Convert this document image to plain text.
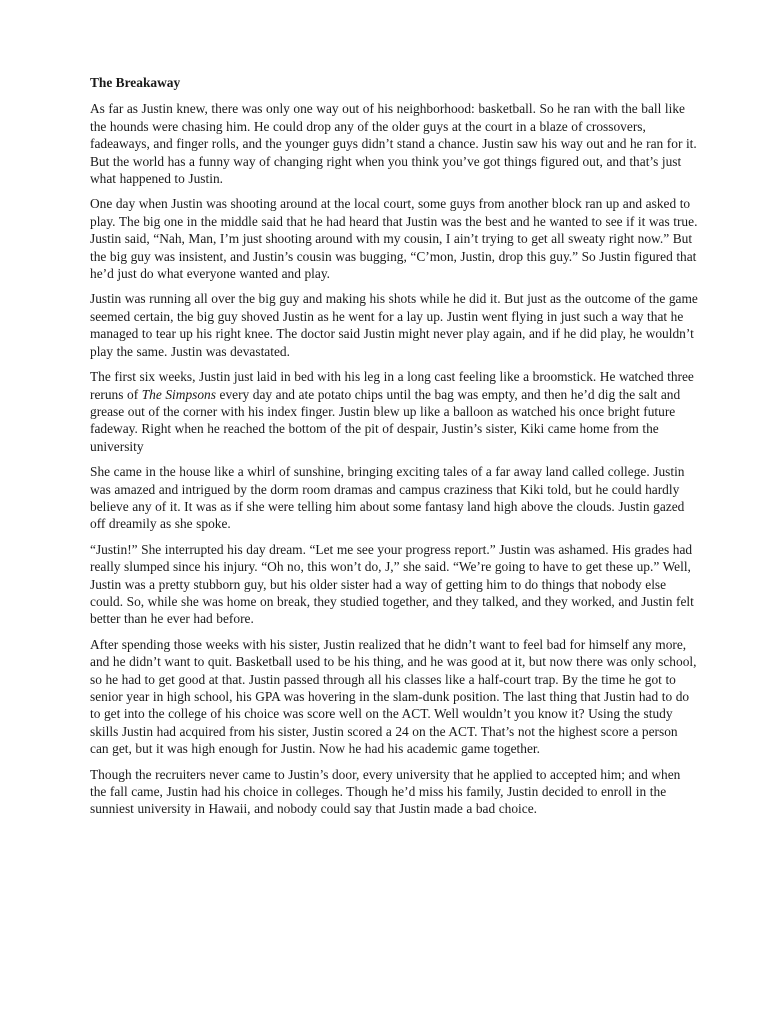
The Breakaway

As far as Justin knew, there was only one way out of his neighborhood: basketball. So he ran with the ball like the hounds were chasing him. He could drop any of the older guys at the court in a blaze of crossovers, fadeaways, and finger rolls, and the younger guys didn’t stand a chance. Justin saw his way out and he ran for it. But the world has a funny way of changing right when you think you’ve got things figured out, and that’s just what happened to Justin.

One day when Justin was shooting around at the local court, some guys from another block ran up and asked to play. The big one in the middle said that he had heard that Justin was the best and he wanted to see if it was true. Justin said, “Nah, Man, I’m just shooting around with my cousin, I ain’t trying to get all sweaty right now.” But the big guy was insistent, and Justin’s cousin was bugging, “C’mon, Justin, drop this guy.” So Justin figured that he’d just do what everyone wanted and play.

Justin was running all over the big guy and making his shots while he did it. But just as the outcome of the game seemed certain, the big guy shoved Justin as he went for a lay up. Justin went flying in just such a way that he managed to tear up his right knee. The doctor said Justin might never play again, and if he did play, he wouldn’t play the same. Justin was devastated.

The first six weeks, Justin just laid in bed with his leg in a long cast feeling like a broomstick. He watched three reruns of The Simpsons every day and ate potato chips until the bag was empty, and then he’d dig the salt and grease out of the corner with his index finger. Justin blew up like a balloon as watched his once bright future fadeway. Right when he reached the bottom of the pit of despair, Justin’s sister, Kiki came home from the university

She came in the house like a whirl of sunshine, bringing exciting tales of a far away land called college. Justin was amazed and intrigued by the dorm room dramas and campus craziness that Kiki told, but he could hardly believe any of it. It was as if she were telling him about some fantasy land high above the clouds. Justin gazed off dreamily as she spoke.

“Justin!” She interrupted his day dream. “Let me see your progress report.” Justin was ashamed. His grades had really slumped since his injury. “Oh no, this won’t do, J,” she said. “We’re going to have to get these up.” Well, Justin was a pretty stubborn guy, but his older sister had a way of getting him to do things that nobody else could. So, while she was home on break, they studied together, and they talked, and they worked, and Justin felt better than he ever had before.

After spending those weeks with his sister, Justin realized that he didn’t want to feel bad for himself any more, and he didn’t want to quit. Basketball used to be his thing, and he was good at it, but now there was only school, so he had to get good at that. Justin passed through all his classes like a half-court trap. By the time he got to senior year in high school, his GPA was hovering in the slam-dunk position. The last thing that Justin had to do to get into the college of his choice was score well on the ACT. Well wouldn’t you know it? Using the study skills Justin had acquired from his sister, Justin scored a 24 on the ACT. That’s not the highest score a person can get, but it was high enough for Justin. Now he had his academic game together.

Though the recruiters never came to Justin’s door, every university that he applied to accepted him; and when the fall came, Justin had his choice in colleges. Though he’d miss his family, Justin decided to enroll in the sunniest university in Hawaii, and nobody could say that Justin made a bad choice.
